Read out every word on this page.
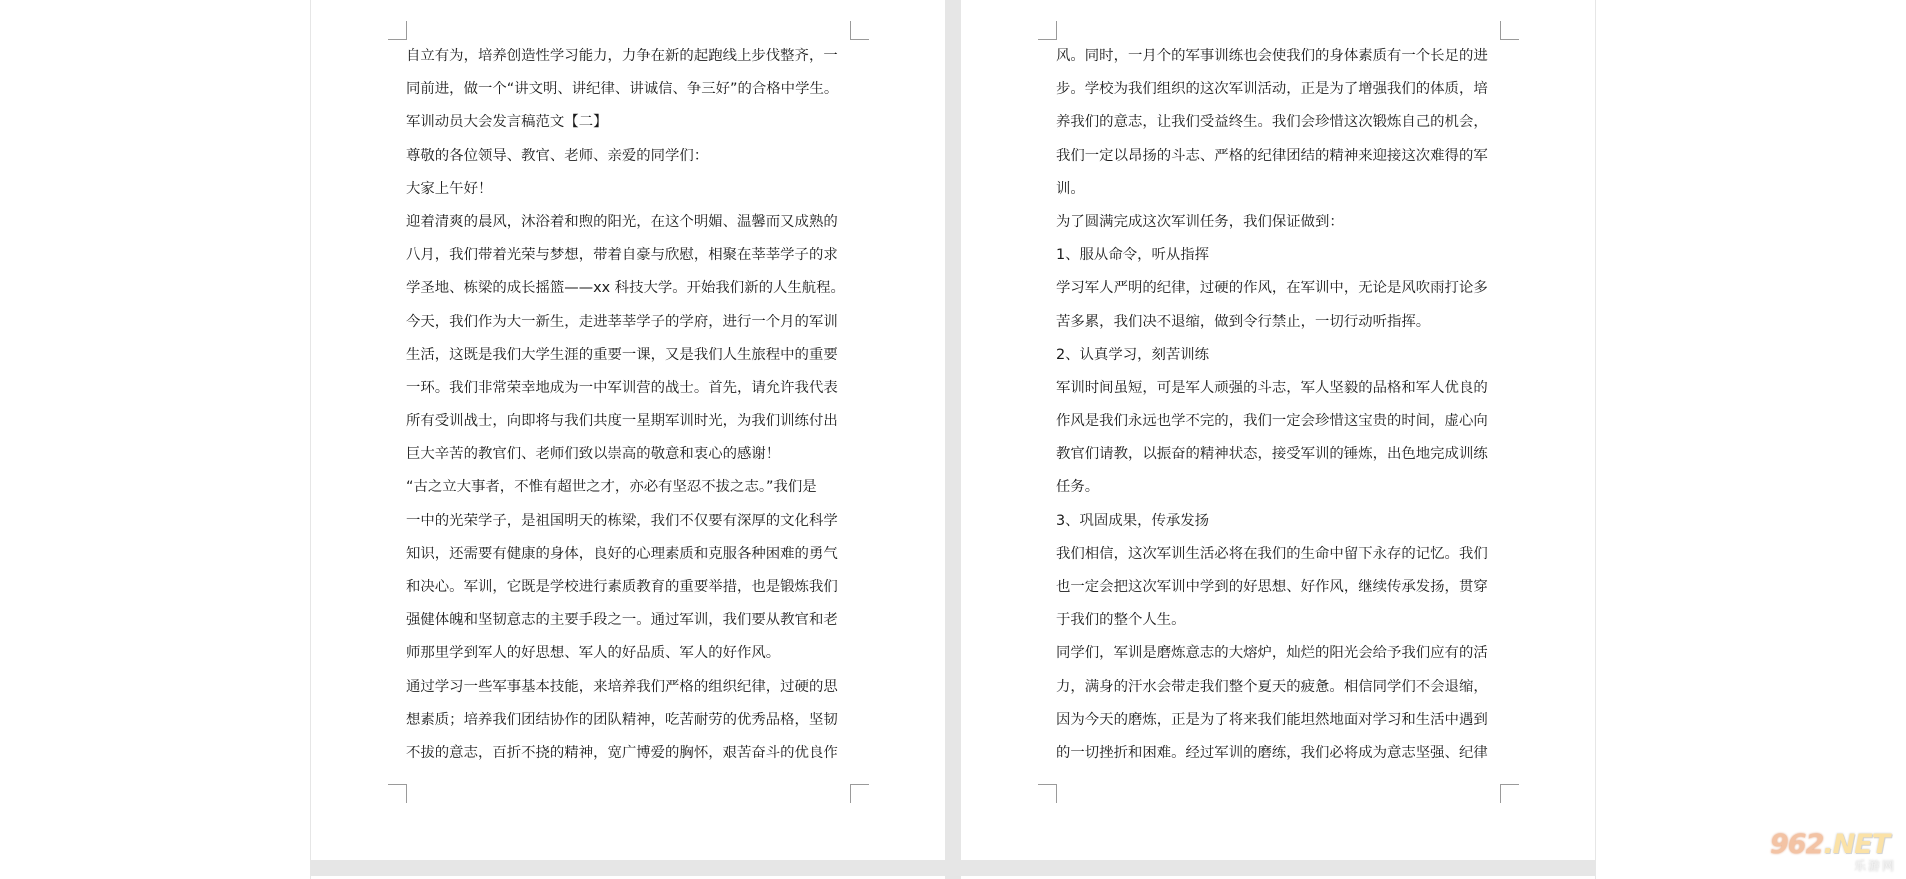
自立有为，培养创造性学习能力，力争在新的起跑线上步伐整齐，一
同前进，做一个“讲文明、讲纪律、讲诚信、争三好”的合格中学生。
军训动员大会发言稿范文【二】
尊敬的各位领导、教官、老师、亲爱的同学们：
大家上午好！
迎着清爽的晨风，沐浴着和煦的阳光，在这个明媚、温馨而又成熟的
八月，我们带着光荣与梦想，带着自豪与欣慰，相聚在莘莘学子的求
学圣地、栋梁的成长摇篮——xx 科技大学。开始我们新的人生航程。
今天，我们作为大一新生，走进莘莘学子的学府，进行一个月的军训
生活，这既是我们大学生涯的重要一课，又是我们人生旅程中的重要
一环。我们非常荣幸地成为一中军训营的战士。首先，请允许我代表
所有受训战士，向即将与我们共度一星期军训时光，为我们训练付出
巨大辛苦的教官们、老师们致以崇高的敬意和衷心的感谢！
“古之立大事者，不惟有超世之才，亦必有坚忍不拔之志。”我们是
一中的光荣学子，是祖国明天的栋梁，我们不仅要有深厚的文化科学
知识，还需要有健康的身体，良好的心理素质和克服各种困难的勇气
和决心。军训，它既是学校进行素质教育的重要举措，也是锻炼我们
强健体魄和坚韧意志的主要手段之一。通过军训，我们要从教官和老
师那里学到军人的好思想、军人的好品质、军人的好作风。
通过学习一些军事基本技能，来培养我们严格的组织纪律，过硬的思
想素质；培养我们团结协作的团队精神，吃苦耐劳的优秀品格，坚韧
不拔的意志，百折不挠的精神，宽广博爱的胸怀，艰苦奋斗的优良作
风。同时，一月个的军事训练也会使我们的身体素质有一个长足的进
步。学校为我们组织的这次军训活动，正是为了增强我们的体质，培
养我们的意志，让我们受益终生。我们会珍惜这次锻炼自己的机会，
我们一定以昂扬的斗志、严格的纪律团结的精神来迎接这次难得的军
训。
为了圆满完成这次军训任务，我们保证做到：
1、服从命令，听从指挥
学习军人严明的纪律，过硬的作风，在军训中，无论是风吹雨打论多
苦多累，我们决不退缩，做到令行禁止，一切行动听指挥。
2、认真学习，刻苦训练
军训时间虽短，可是军人顽强的斗志，军人坚毅的品格和军人优良的
作风是我们永远也学不完的，我们一定会珍惜这宝贵的时间，虚心向
教官们请教，以振奋的精神状态，接受军训的锤炼，出色地完成训练
任务。
3、巩固成果，传承发扬
我们相信，这次军训生活必将在我们的生命中留下永存的记忆。我们
也一定会把这次军训中学到的好思想、好作风，继续传承发扬，贯穿
于我们的整个人生。
同学们，军训是磨炼意志的大熔炉，灿烂的阳光会给予我们应有的活
力，满身的汗水会带走我们整个夏天的疲惫。相信同学们不会退缩，
因为今天的磨炼，正是为了将来我们能坦然地面对学习和生活中遇到
的一切挫折和困难。经过军训的磨练，我们必将成为意志坚强、纪律
962.NET
乐游网
